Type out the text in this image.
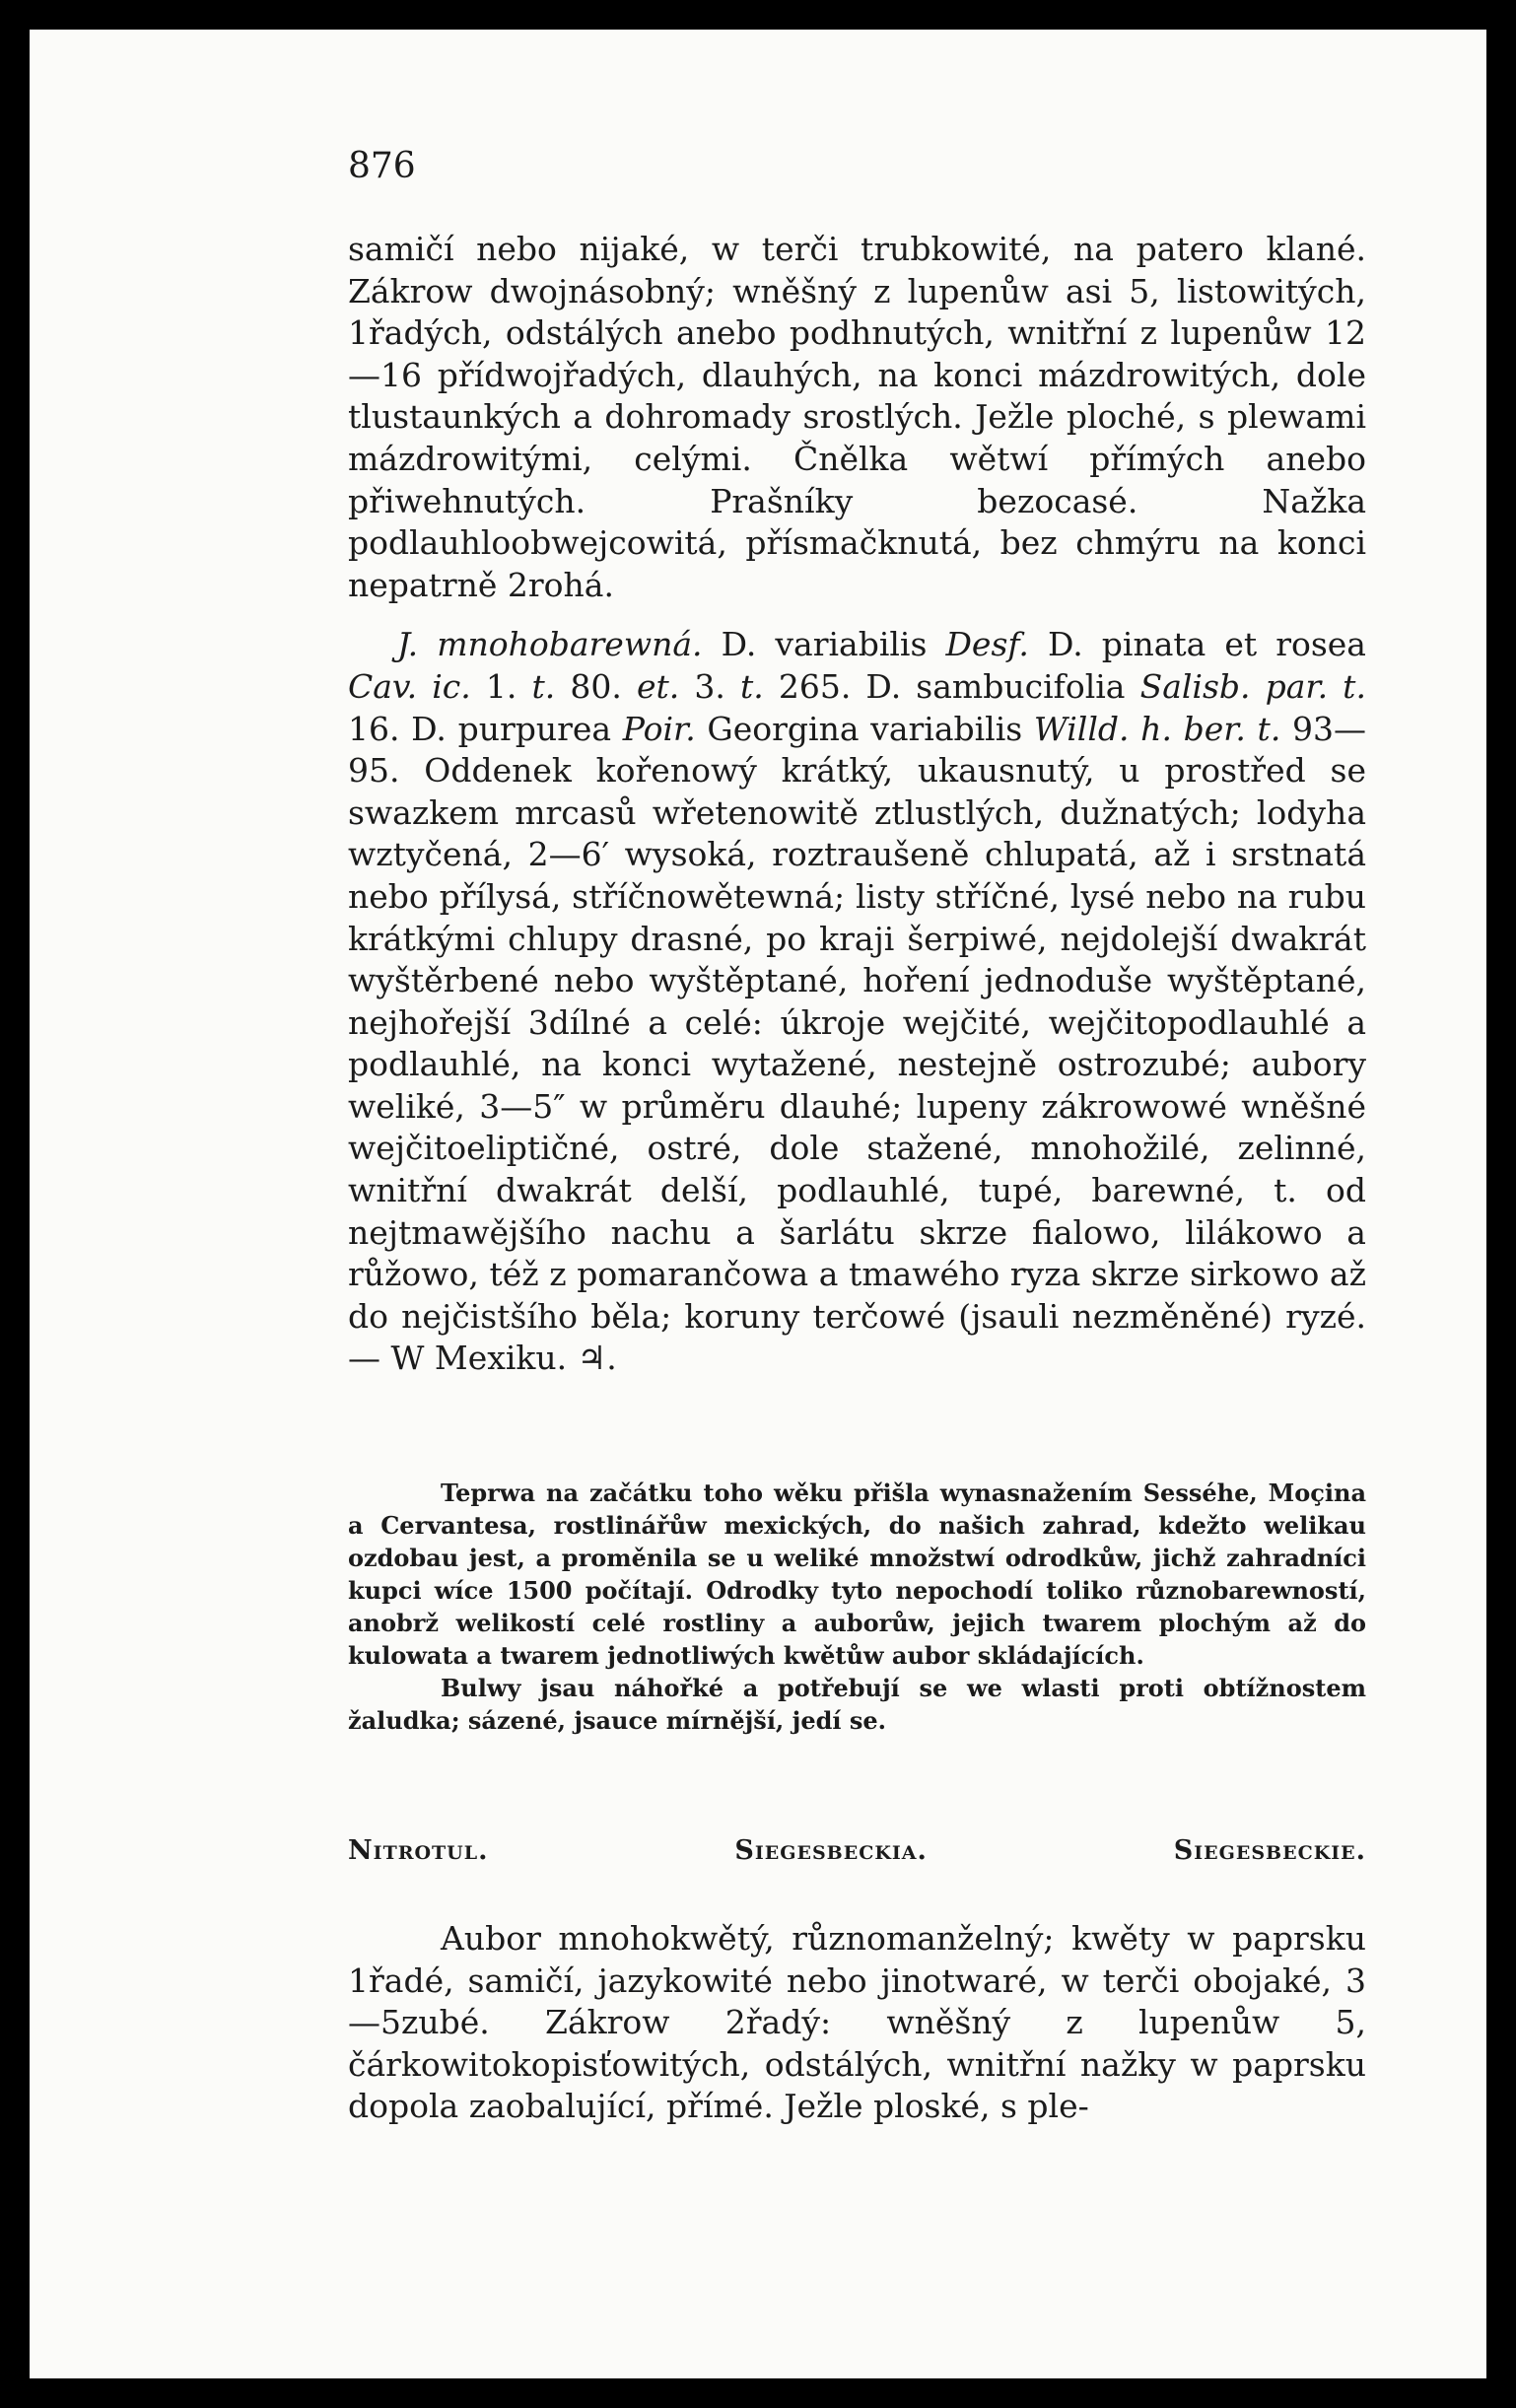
876

samičí nebo nijaké, w terči trubkowité, na patero klané. Zákrow dwojnásobný; wněšný z lupenůw asi 5, listowitých, 1řadých, odstálých anebo podhnutých, wnitřní z lupenůw 12—16 přídwojřadých, dlauhých, na konci mázdrowitých, dole tlustaunkých a dohromady srostlých. Ježle ploché, s plewami mázdrowitými, celými. Čnělka wětwí přímých anebo přiwehnutých. Prašníky bezocasé. Nažka podlauhloobwejcowitá, přísmačknutá, bez chmýru na konci nepatrně 2rohá.

J. mnohobarewná. D. variabilis Desf. D. pinata et rosea Cav. ic. 1. t. 80. et. 3. t. 265. D. sambucifolia Salisb. par. t. 16. D. purpurea Poir. Georgina variabilis Willd. h. ber. t. 93—95. Oddenek kořenowý krátký, ukausnutý, u prostřed se swazkem mrcasů wřetenowitě ztlustlých, dužnatých; lodyha wztyčená, 2—6′ wysoká, roztraušeně chlupatá, až i srstnatá nebo přílysá, stříčnowětewná; listy stříčné, lysé nebo na rubu krátkými chlupy drasné, po kraji šerpiwé, nejdolejší dwakrát wyštěrbené nebo wyštěptané, hoření jednoduše wyštěptané, nejhořejší 3dílné a celé: úkroje wejčité, wejčitopodlauhlé a podlauhlé, na konci wytažené, nestejně ostrozubé; aubory weliké, 3—5″ w průměru dlauhé; lupeny zákrowowé wněšné wejčitoeliptičné, ostré, dole stažené, mnohožilé, zelinné, wnitřní dwakrát delší, podlauhlé, tupé, barewné, t. od nejtmawějšího nachu a šarlátu skrze fialowo, lilákowo a růžowo, též z pomarančowa a tmawého ryza skrze sirkowo až do nejčistšího běla; koruny terčowé (jsauli nezměněné) ryzé. — W Mexiku. ♃.

Teprwa na začátku toho wěku přišla wynasnažením Sesséhe, Moçina a Cervantesa, rostlinářůw mexických, do našich zahrad, kdežto welikau ozdobau jest, a proměnila se u weliké množstwí odrodkůw, jichž zahradníci kupci wíce 1500 počítají. Odrodky tyto nepochodí toliko různobarewností, anobrž welikostí celé rostliny a auborůw, jejich twarem plochým až do kulowata a twarem jednotliwých kwětůw aubor skládajících.

Bulwy jsau náhořké a potřebují se we wlasti proti obtížnostem žaludka; sázené, jsauce mírnější, jedí se.

Nitrotul.	Siegesbeckia.	Siegesbeckie.

Aubor mnohokwětý, různomanželný; kwěty w paprsku 1řadé, samičí, jazykowité nebo jinotwaré, w terči obojaké, 3—5zubé. Zákrow 2řadý: wněšný z lupenůw 5, čárkowitokopisťowitých, odstálých, wnitřní nažky w paprsku dopola zaobalující, přímé. Ježle ploské, s ple-
